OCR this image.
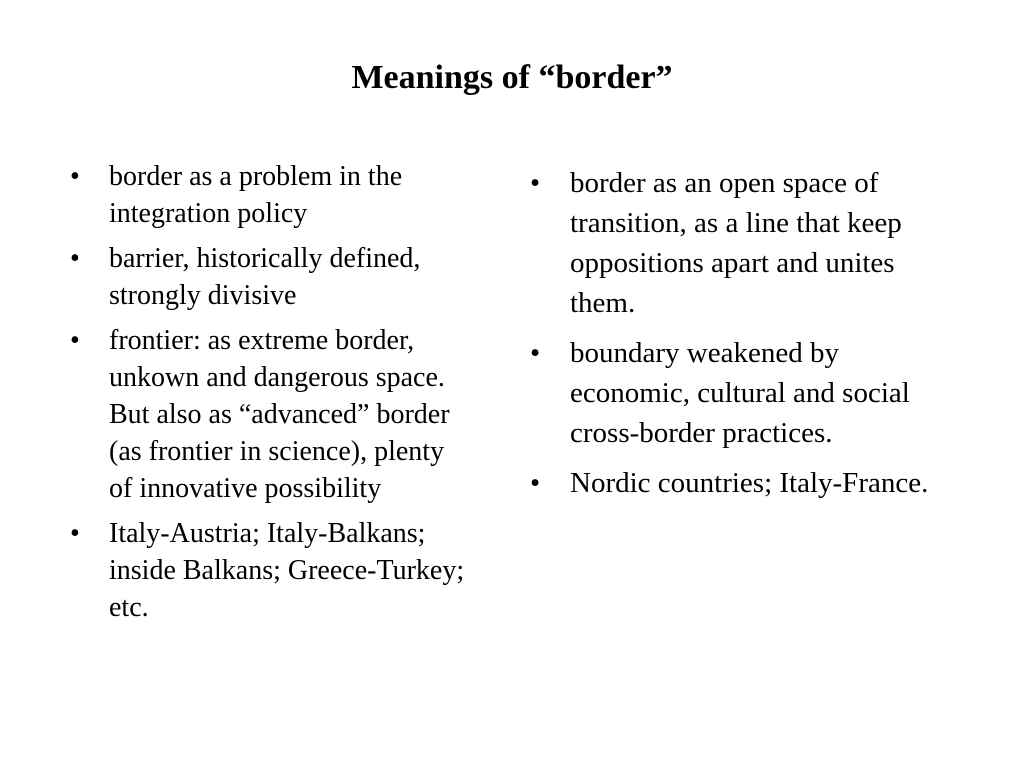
Meanings of “border”
• border as a problem in the integration policy
• barrier, historically defined, strongly divisive
• frontier: as extreme border, unkown and dangerous space. But also as “advanced” border (as frontier in science), plenty of innovative possibility
• Italy-Austria; Italy-Balkans; inside Balkans; Greece-Turkey; etc.
• border as an open space of transition, as a line that keep oppositions apart and unites them.
• boundary weakened by economic, cultural and social cross-border practices.
• Nordic countries; Italy-France.
